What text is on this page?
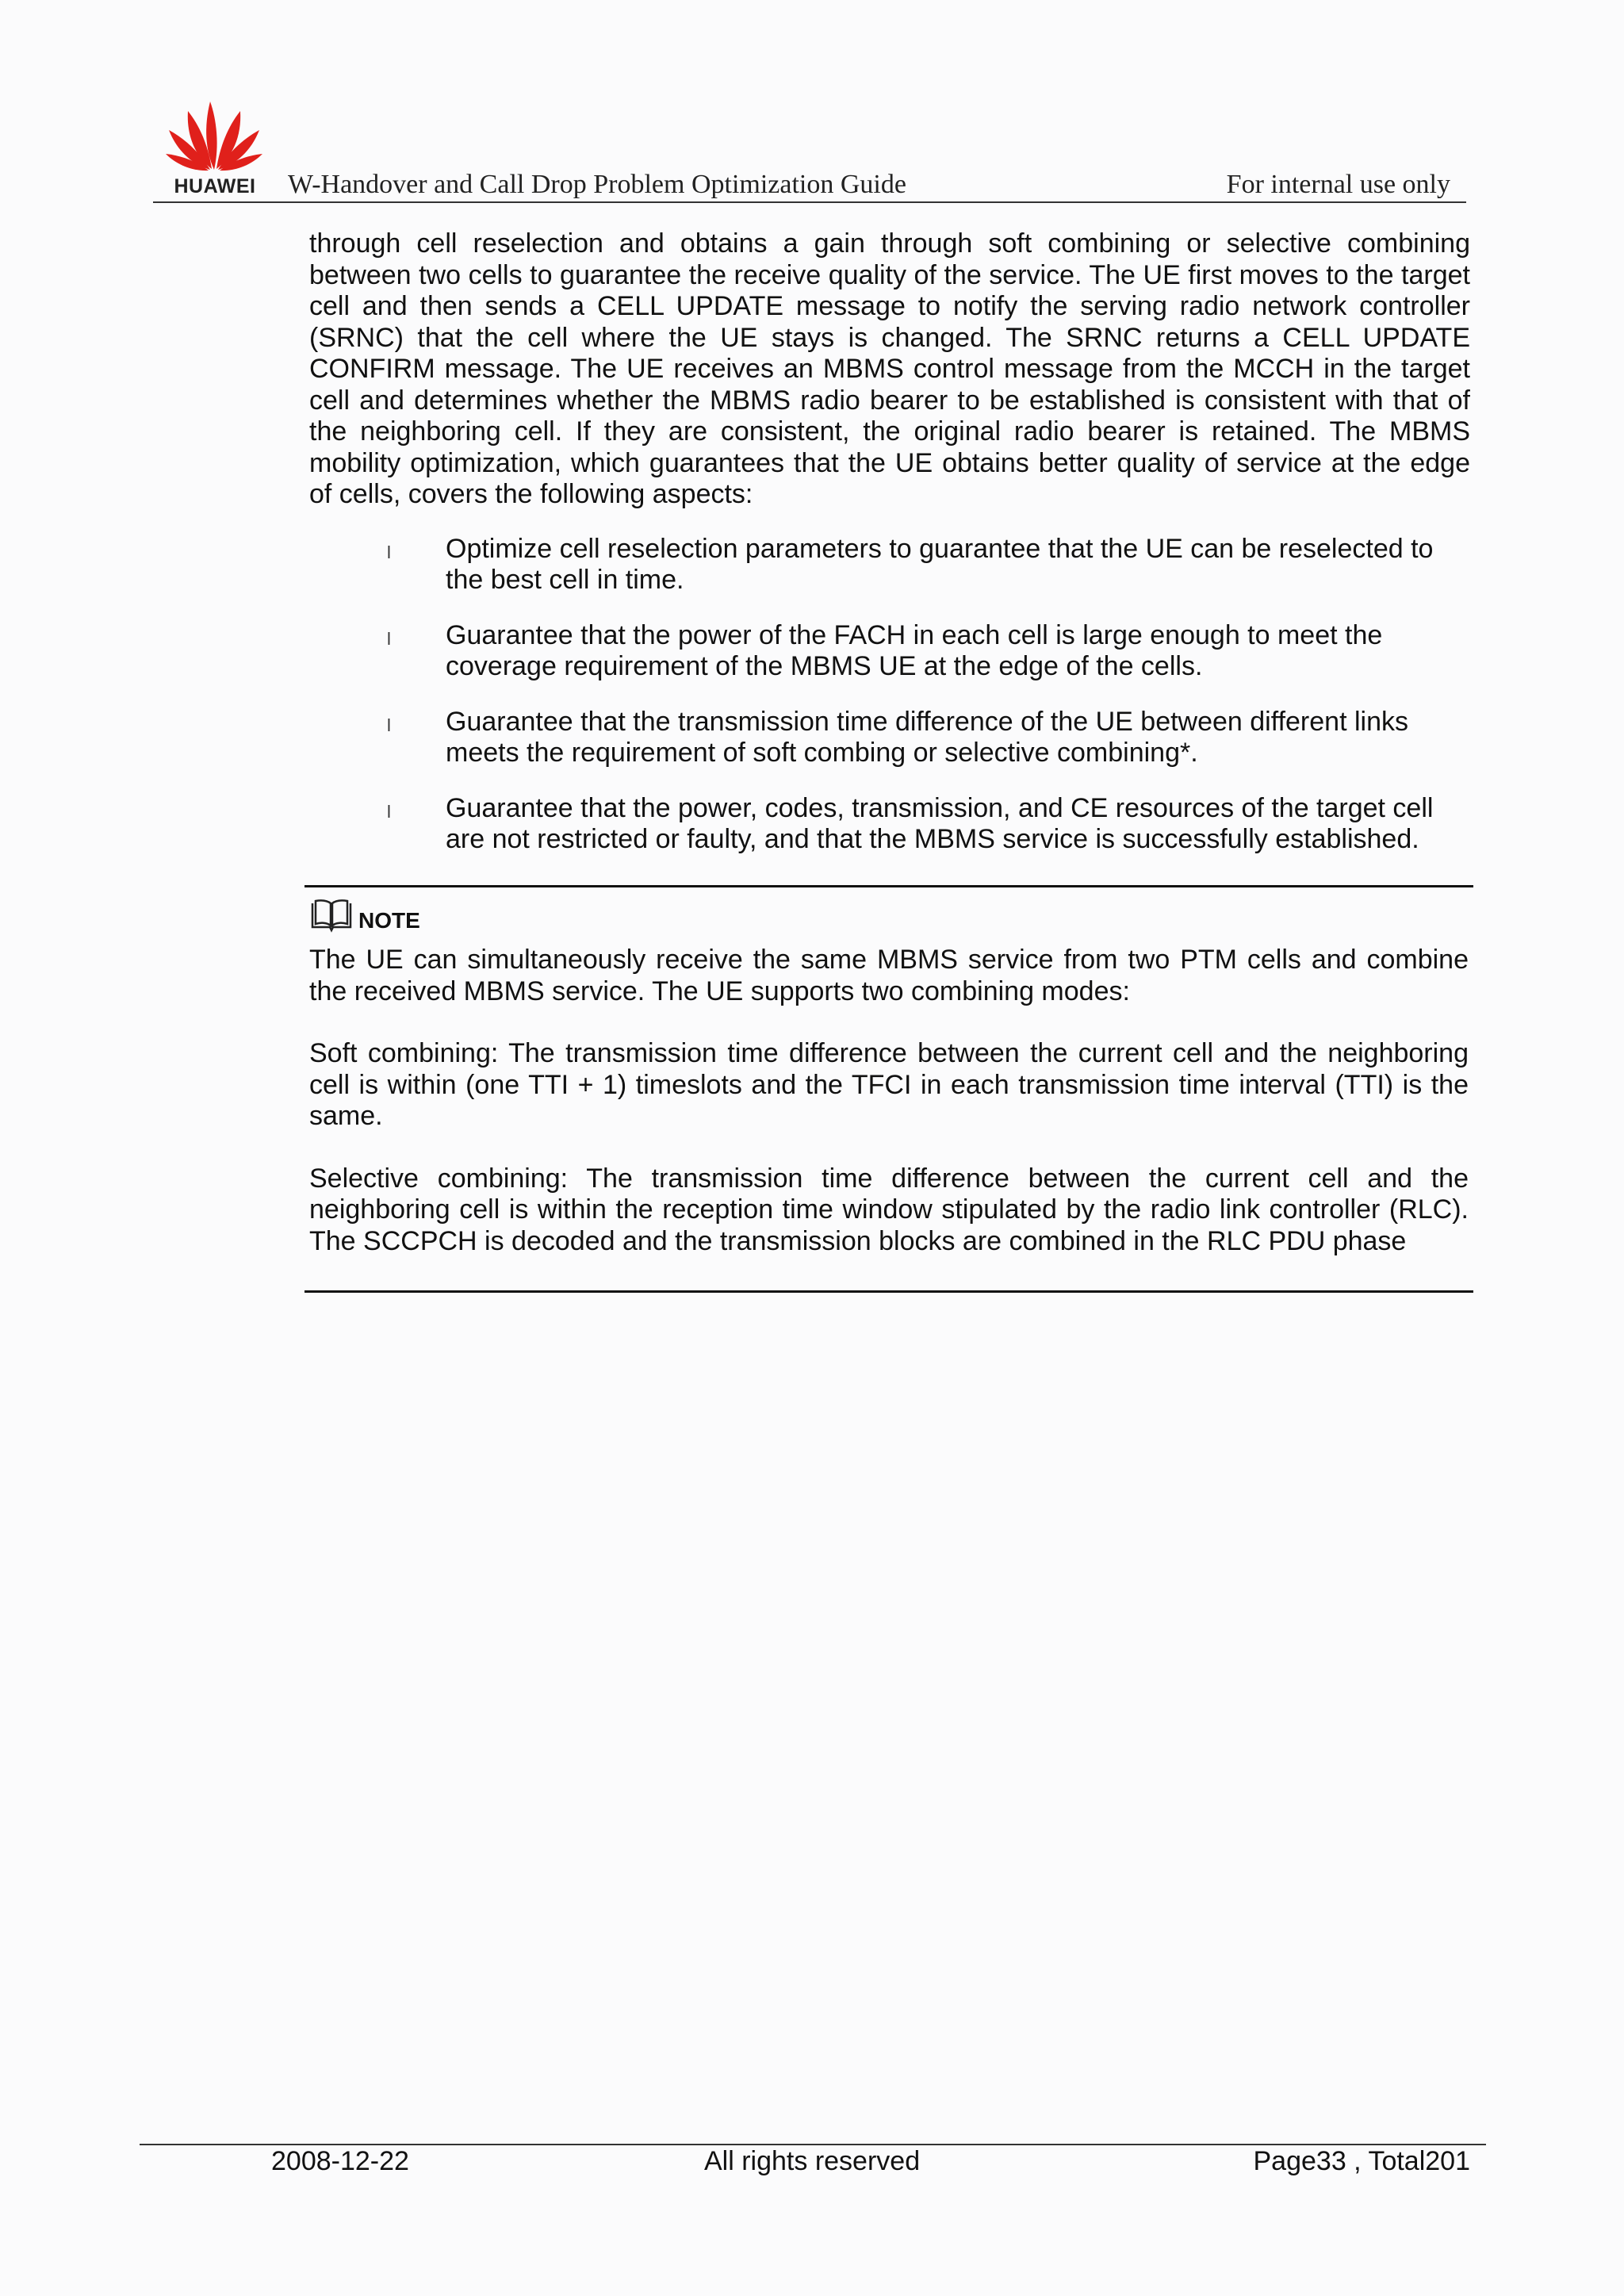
HUAWEI	W-Handover and Call Drop Problem Optimization Guide	For internal use only

through cell reselection and obtains a gain through soft combining or selective combining between two cells to guarantee the receive quality of the service. The UE first moves to the target cell and then sends a CELL UPDATE message to notify the serving radio network controller (SRNC) that the cell where the UE stays is changed. The SRNC returns a CELL UPDATE CONFIRM message. The UE receives an MBMS control message from the MCCH in the target cell and determines whether the MBMS radio bearer to be established is consistent with that of the neighboring cell. If they are consistent, the original radio bearer is retained. The MBMS mobility optimization, which guarantees that the UE obtains better quality of service at the edge of cells, covers the following aspects:

l Optimize cell reselection parameters to guarantee that the UE can be reselected to the best cell in time.
l Guarantee that the power of the FACH in each cell is large enough to meet the coverage requirement of the MBMS UE at the edge of the cells.
l Guarantee that the transmission time difference of the UE between different links meets the requirement of soft combing or selective combining*.
l Guarantee that the power, codes, transmission, and CE resources of the target cell are not restricted or faulty, and that the MBMS service is successfully established.
NOTE

The UE can simultaneously receive the same MBMS service from two PTM cells and combine the received MBMS service. The UE supports two combining modes:

Soft combining: The transmission time difference between the current cell and the neighboring cell is within (one TTI + 1) timeslots and the TFCI in each transmission time interval (TTI) is the same.

Selective combining: The transmission time difference between the current cell and the neighboring cell is within the reception time window stipulated by the radio link controller (RLC). The SCCPCH is decoded and the transmission blocks are combined in the RLC PDU phase

2008-12-22	All rights reserved	Page33 , Total201
